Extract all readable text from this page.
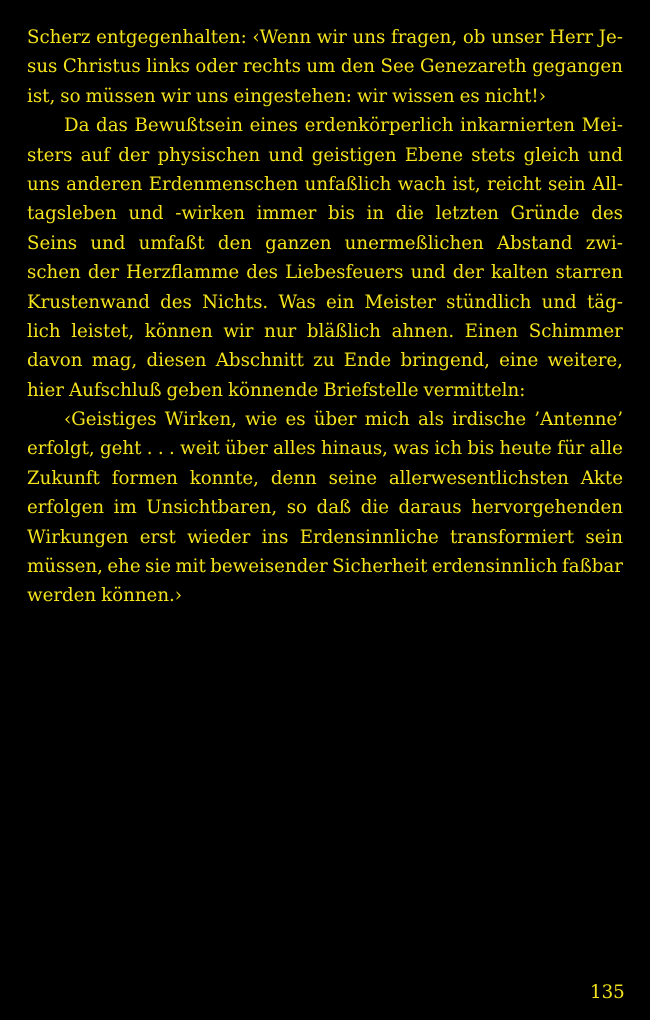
Scherz entgegenhalten: ‹Wenn wir uns fragen, ob unser Herr Je-
sus Christus links oder rechts um den See Genezareth gegangen
ist, so müssen wir uns eingestehen: wir wissen es nicht!›
Da das Bewußtsein eines erdenkörperlich inkarnierten Mei-
sters auf der physischen und geistigen Ebene stets gleich und
uns anderen Erdenmenschen unfaßlich wach ist, reicht sein All-
tagsleben und -wirken immer bis in die letzten Gründe des
Seins und umfaßt den ganzen unermeßlichen Abstand zwi-
schen der Herzflamme des Liebesfeuers und der kalten starren
Krustenwand des Nichts. Was ein Meister stündlich und täg-
lich leistet, können wir nur bläßlich ahnen. Einen Schimmer
davon mag, diesen Abschnitt zu Ende bringend, eine weitere,
hier Aufschluß geben könnende Briefstelle vermitteln:
‹Geistiges Wirken, wie es über mich als irdische ’Antenne’
erfolgt, geht . . . weit über alles hinaus, was ich bis heute für alle
Zukunft formen konnte, denn seine allerwesentlichsten Akte
erfolgen im Unsichtbaren, so daß die daraus hervorgehenden
Wirkungen erst wieder ins Erdensinnliche transformiert sein
müssen, ehe sie mit beweisender Sicherheit erdensinnlich faßbar
werden können.›
135
